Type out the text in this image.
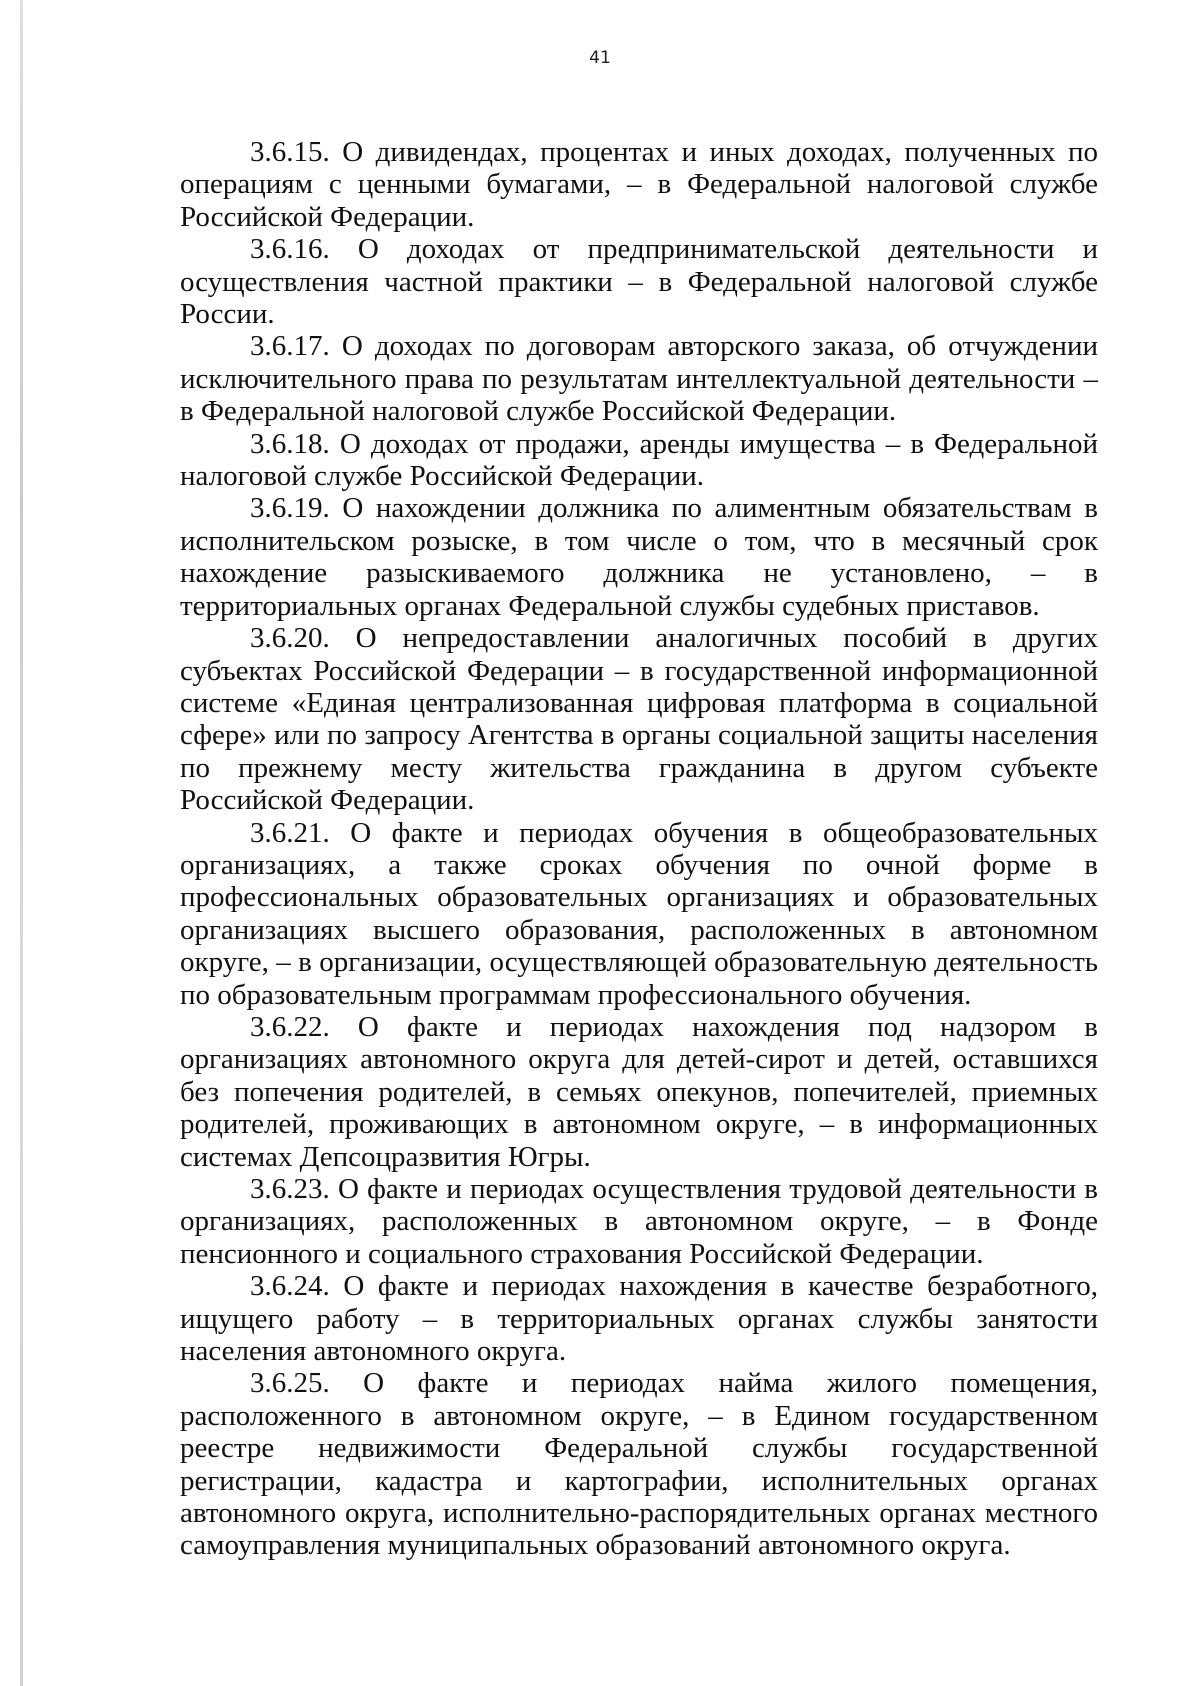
41

3.6.15. О дивидендах, процентах и иных доходах, полученных по операциям с ценными бумагами, – в Федеральной налоговой службе Российской Федерации.

3.6.16. О доходах от предпринимательской деятельности и осуществления частной практики – в Федеральной налоговой службе России.

3.6.17. О доходах по договорам авторского заказа, об отчуждении исключительного права по результатам интеллектуальной деятельности – в Федеральной налоговой службе Российской Федерации.

3.6.18. О доходах от продажи, аренды имущества – в Федеральной налоговой службе Российской Федерации.

3.6.19. О нахождении должника по алиментным обязательствам в исполнительском розыске, в том числе о том, что в месячный срок нахождение разыскиваемого должника не установлено, – в территориальных органах Федеральной службы судебных приставов.

3.6.20. О непредоставлении аналогичных пособий в других субъектах Российской Федерации – в государственной информационной системе «Единая централизованная цифровая платформа в социальной сфере» или по запросу Агентства в органы социальной защиты населения по прежнему месту жительства гражданина в другом субъекте Российской Федерации.

3.6.21. О факте и периодах обучения в общеобразовательных организациях, а также сроках обучения по очной форме в профессиональных образовательных организациях и образовательных организациях высшего образования, расположенных в автономном округе, – в организации, осуществляющей образовательную деятельность по образовательным программам профессионального обучения.

3.6.22. О факте и периодах нахождения под надзором в организациях автономного округа для детей-сирот и детей, оставшихся без попечения родителей, в семьях опекунов, попечителей, приемных родителей, проживающих в автономном округе, – в информационных системах Депсоцразвития Югры.

3.6.23. О факте и периодах осуществления трудовой деятельности в организациях, расположенных в автономном округе, – в Фонде пенсионного и социального страхования Российской Федерации.

3.6.24. О факте и периодах нахождения в качестве безработного, ищущего работу – в территориальных органах службы занятости населения автономного округа.

3.6.25. О факте и периодах найма жилого помещения, расположенного в автономном округе, – в Едином государственном реестре недвижимости Федеральной службы государственной регистрации, кадастра и картографии, исполнительных органах автономного округа, исполнительно-распорядительных органах местного самоуправления муниципальных образований автономного округа.
